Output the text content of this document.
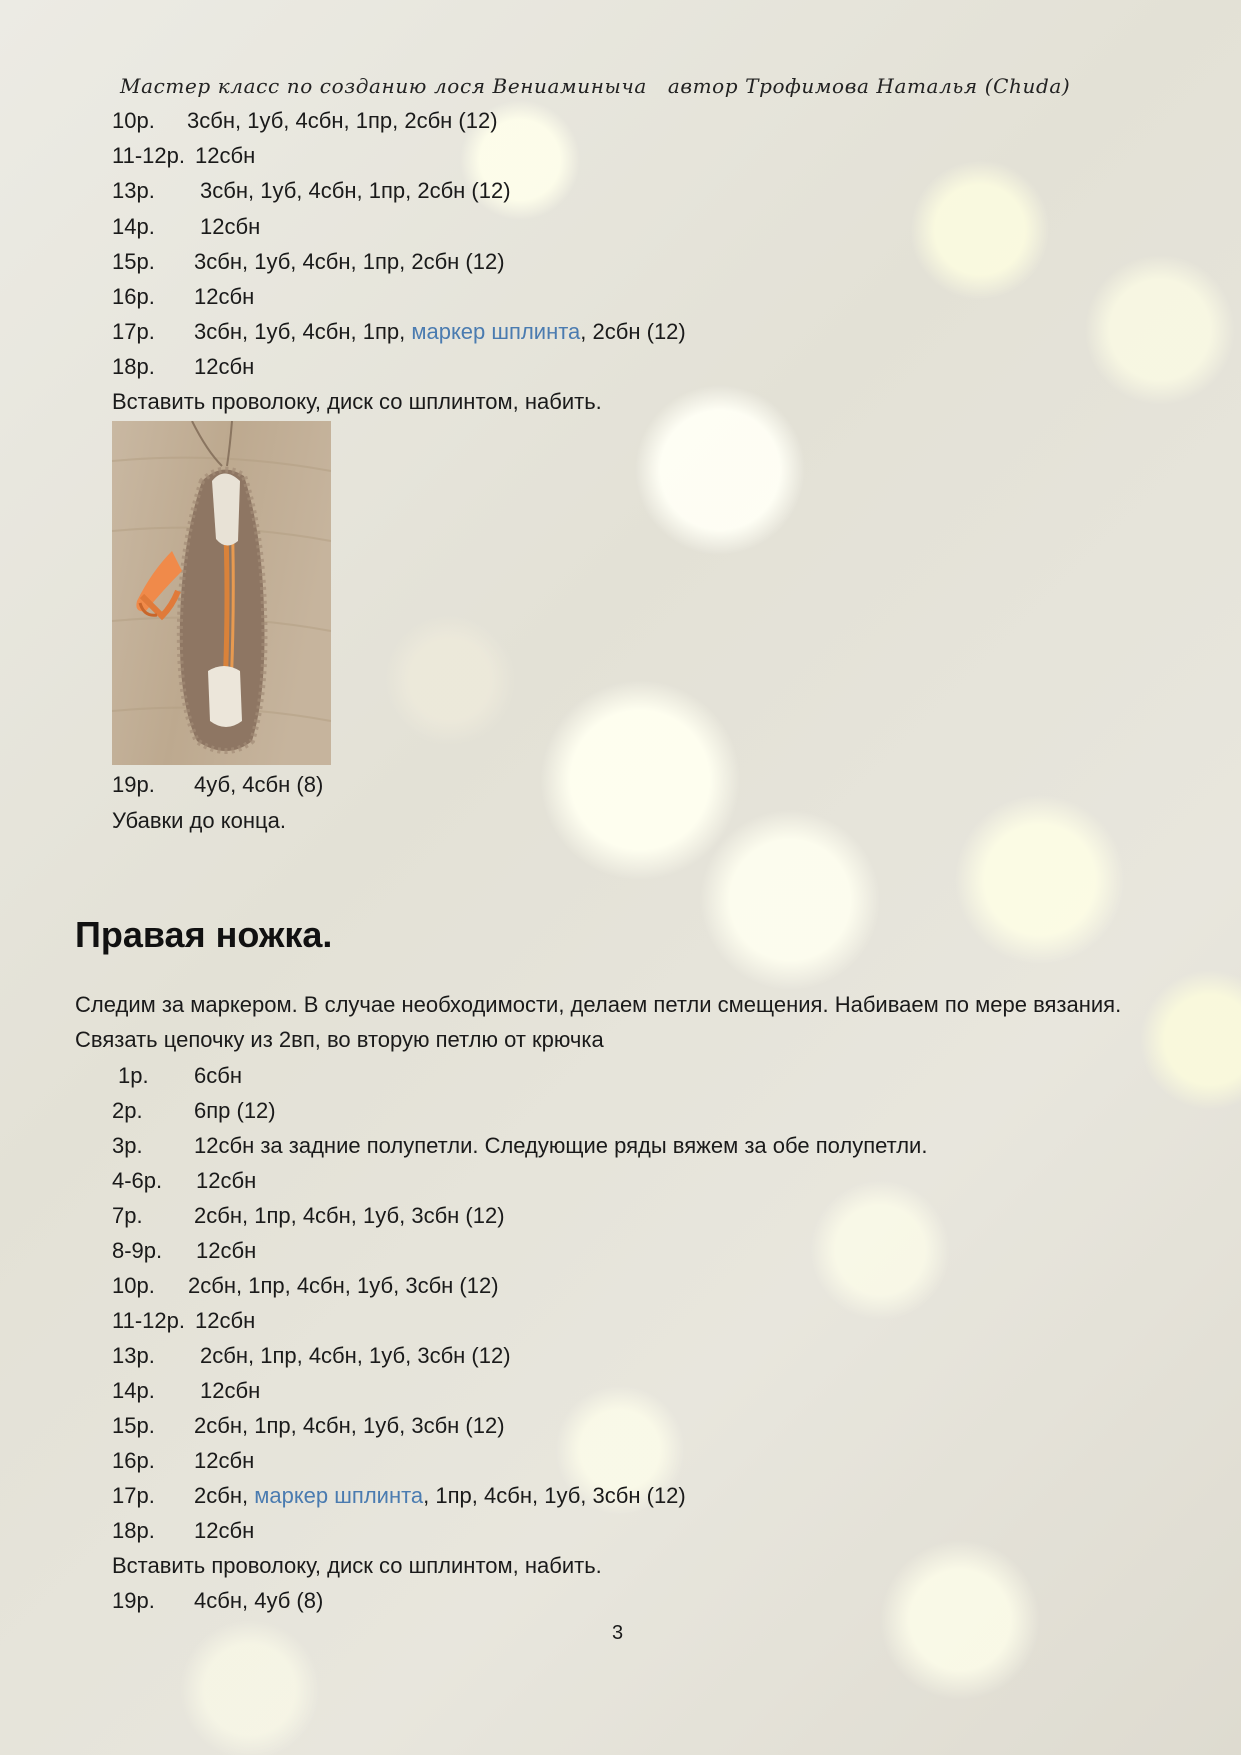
Мастер класс по созданию лося Вениаминыча   автор Трофимова Наталья (Chuda)
10р. 3сбн, 1уб, 4сбн, 1пр, 2сбн (12)
11-12р. 12сбн
13р. 3сбн, 1уб, 4сбн, 1пр, 2сбн (12)
14р. 12сбн
15р. 3сбн, 1уб, 4сбн, 1пр, 2сбн (12)
16р. 12сбн
17р. 3сбн, 1уб, 4сбн, 1пр, маркер шплинта, 2сбн (12)
18р. 12сбн
Вставить проволоку, диск со шплинтом, набить.
19р. 4уб, 4сбн (8)
Убавки до конца.
Правая ножка.
Следим за маркером. В случае необходимости, делаем петли смещения. Набиваем по мере вязания.
Связать цепочку из 2вп, во вторую петлю от крючка
1р. 6сбн
2р. 6пр (12)
3р. 12сбн за задние полупетли. Следующие ряды вяжем за обе полупетли.
4-6р. 12сбн
7р. 2сбн, 1пр, 4сбн, 1уб, 3сбн (12)
8-9р. 12сбн
10р. 2сбн, 1пр, 4сбн, 1уб, 3сбн (12)
11-12р. 12сбн
13р. 2сбн, 1пр, 4сбн, 1уб, 3сбн (12)
14р. 12сбн
15р. 2сбн, 1пр, 4сбн, 1уб, 3сбн (12)
16р. 12сбн
17р. 2сбн, маркер шплинта, 1пр, 4сбн, 1уб, 3сбн (12)
18р. 12сбн
Вставить проволоку, диск со шплинтом, набить.
19р. 4сбн, 4уб (8)
3
